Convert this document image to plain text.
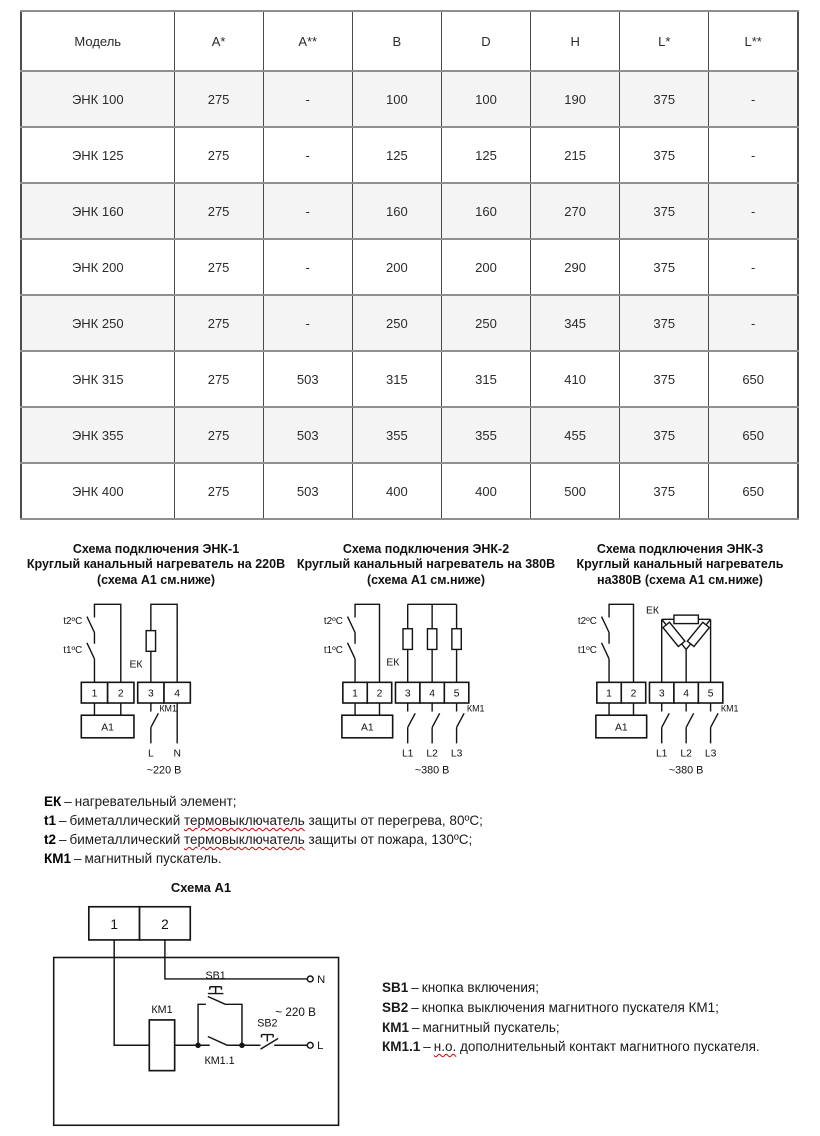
Модель	A*	A**	B	D	H	L*	L**
ЭНК 100	275	-	100	100	190	375	-
ЭНК 125	275	-	125	125	215	375	-
ЭНК 160	275	-	160	160	270	375	-
ЭНК 200	275	-	200	200	290	375	-
ЭНК 250	275	-	250	250	345	375	-
ЭНК 315	275	503	315	315	410	375	650
ЭНК 355	275	503	355	355	455	375	650
ЭНК 400	275	503	400	400	500	375	650
Схема подключения ЭНК-1
Круглый канальный нагреватель на 220В
(схема А1 см.ниже)
t2ºC
t1ºC
ЕК
1 2 3 4
А1
КМ1
L N
~220 В
Схема подключения ЭНК-2
Круглый канальный нагреватель на 380В
(схема А1 см.ниже)
t2ºC
t1ºC
ЕК
1 2 3 4 5
А1
КМ1
L1 L2 L3
~380 В
Схема подключения ЭНК-3
Круглый канальный нагреватель
на380В (схема А1 см.ниже)
t2ºC
t1ºC
ЕК
1 2 3 4 5
А1
КМ1
L1 L2 L3
~380 В
ЕК – нагревательный элемент;
t1 – биметаллический термовыключатель защиты от перегрева, 80ºС;
t2 – биметаллический термовыключатель защиты от пожара, 130ºС;
КМ1 – магнитный пускатель.
Схема А1
1	2
N
КМ1
КМ1.1
SB1
SB2
L
~ 220 В
SB1 – кнопка включения;
SB2 – кнопка выключения магнитного пускателя КМ1;
КМ1 – магнитный пускатель;
КМ1.1 – н.о. дополнительный контакт магнитного пускателя.
